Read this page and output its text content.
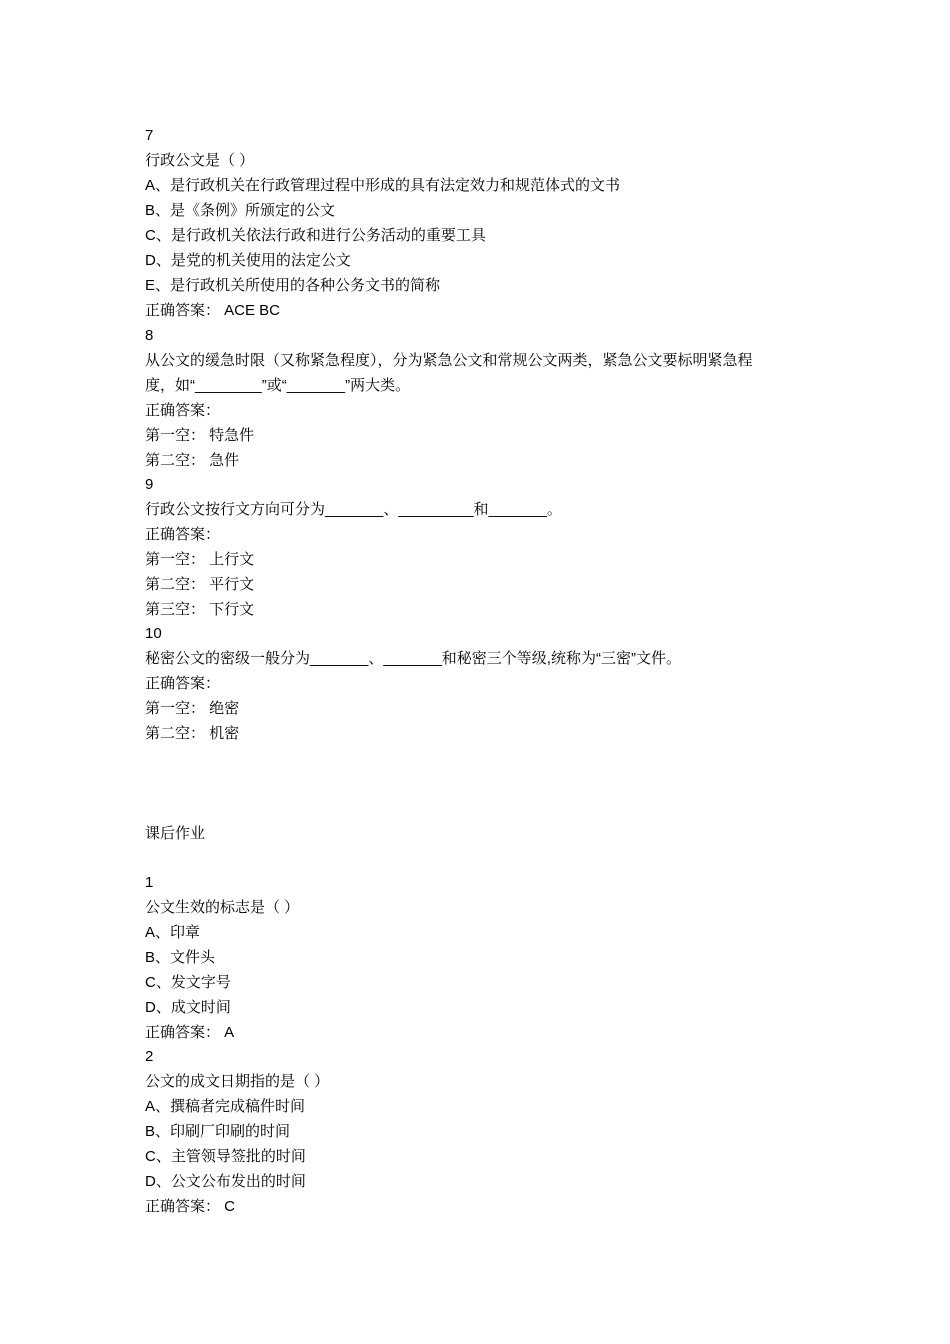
7
行政公文是（ ）
A、是行政机关在行政管理过程中形成的具有法定效力和规范体式的文书
B、是《条例》所颁定的公文
C、是行政机关依法行政和进行公务活动的重要工具
D、是党的机关使用的法定公文
E、是行政机关所使用的各种公务文书的简称
正确答案： ACE BC
8
从公文的缓急时限（又称紧急程度），分为紧急公文和常规公文两类，紧急公文要标明紧急程
度，如“________”或“_______”两大类。
正确答案：
第一空： 特急件
第二空： 急件
9
行政公文按行文方向可分为_______、_________和_______。
正确答案：
第一空： 上行文
第二空： 平行文
第三空： 下行文
10
秘密公文的密级一般分为_______、_______和秘密三个等级,统称为“三密”文件。
正确答案：
第一空： 绝密
第二空： 机密
课后作业
1
公文生效的标志是（ ）
A、印章
B、文件头
C、发文字号
D、成文时间
正确答案： A
2
公文的成文日期指的是（ ）
A、撰稿者完成稿件时间
B、印刷厂印刷的时间
C、主管领导签批的时间
D、公文公布发出的时间
正确答案： C
